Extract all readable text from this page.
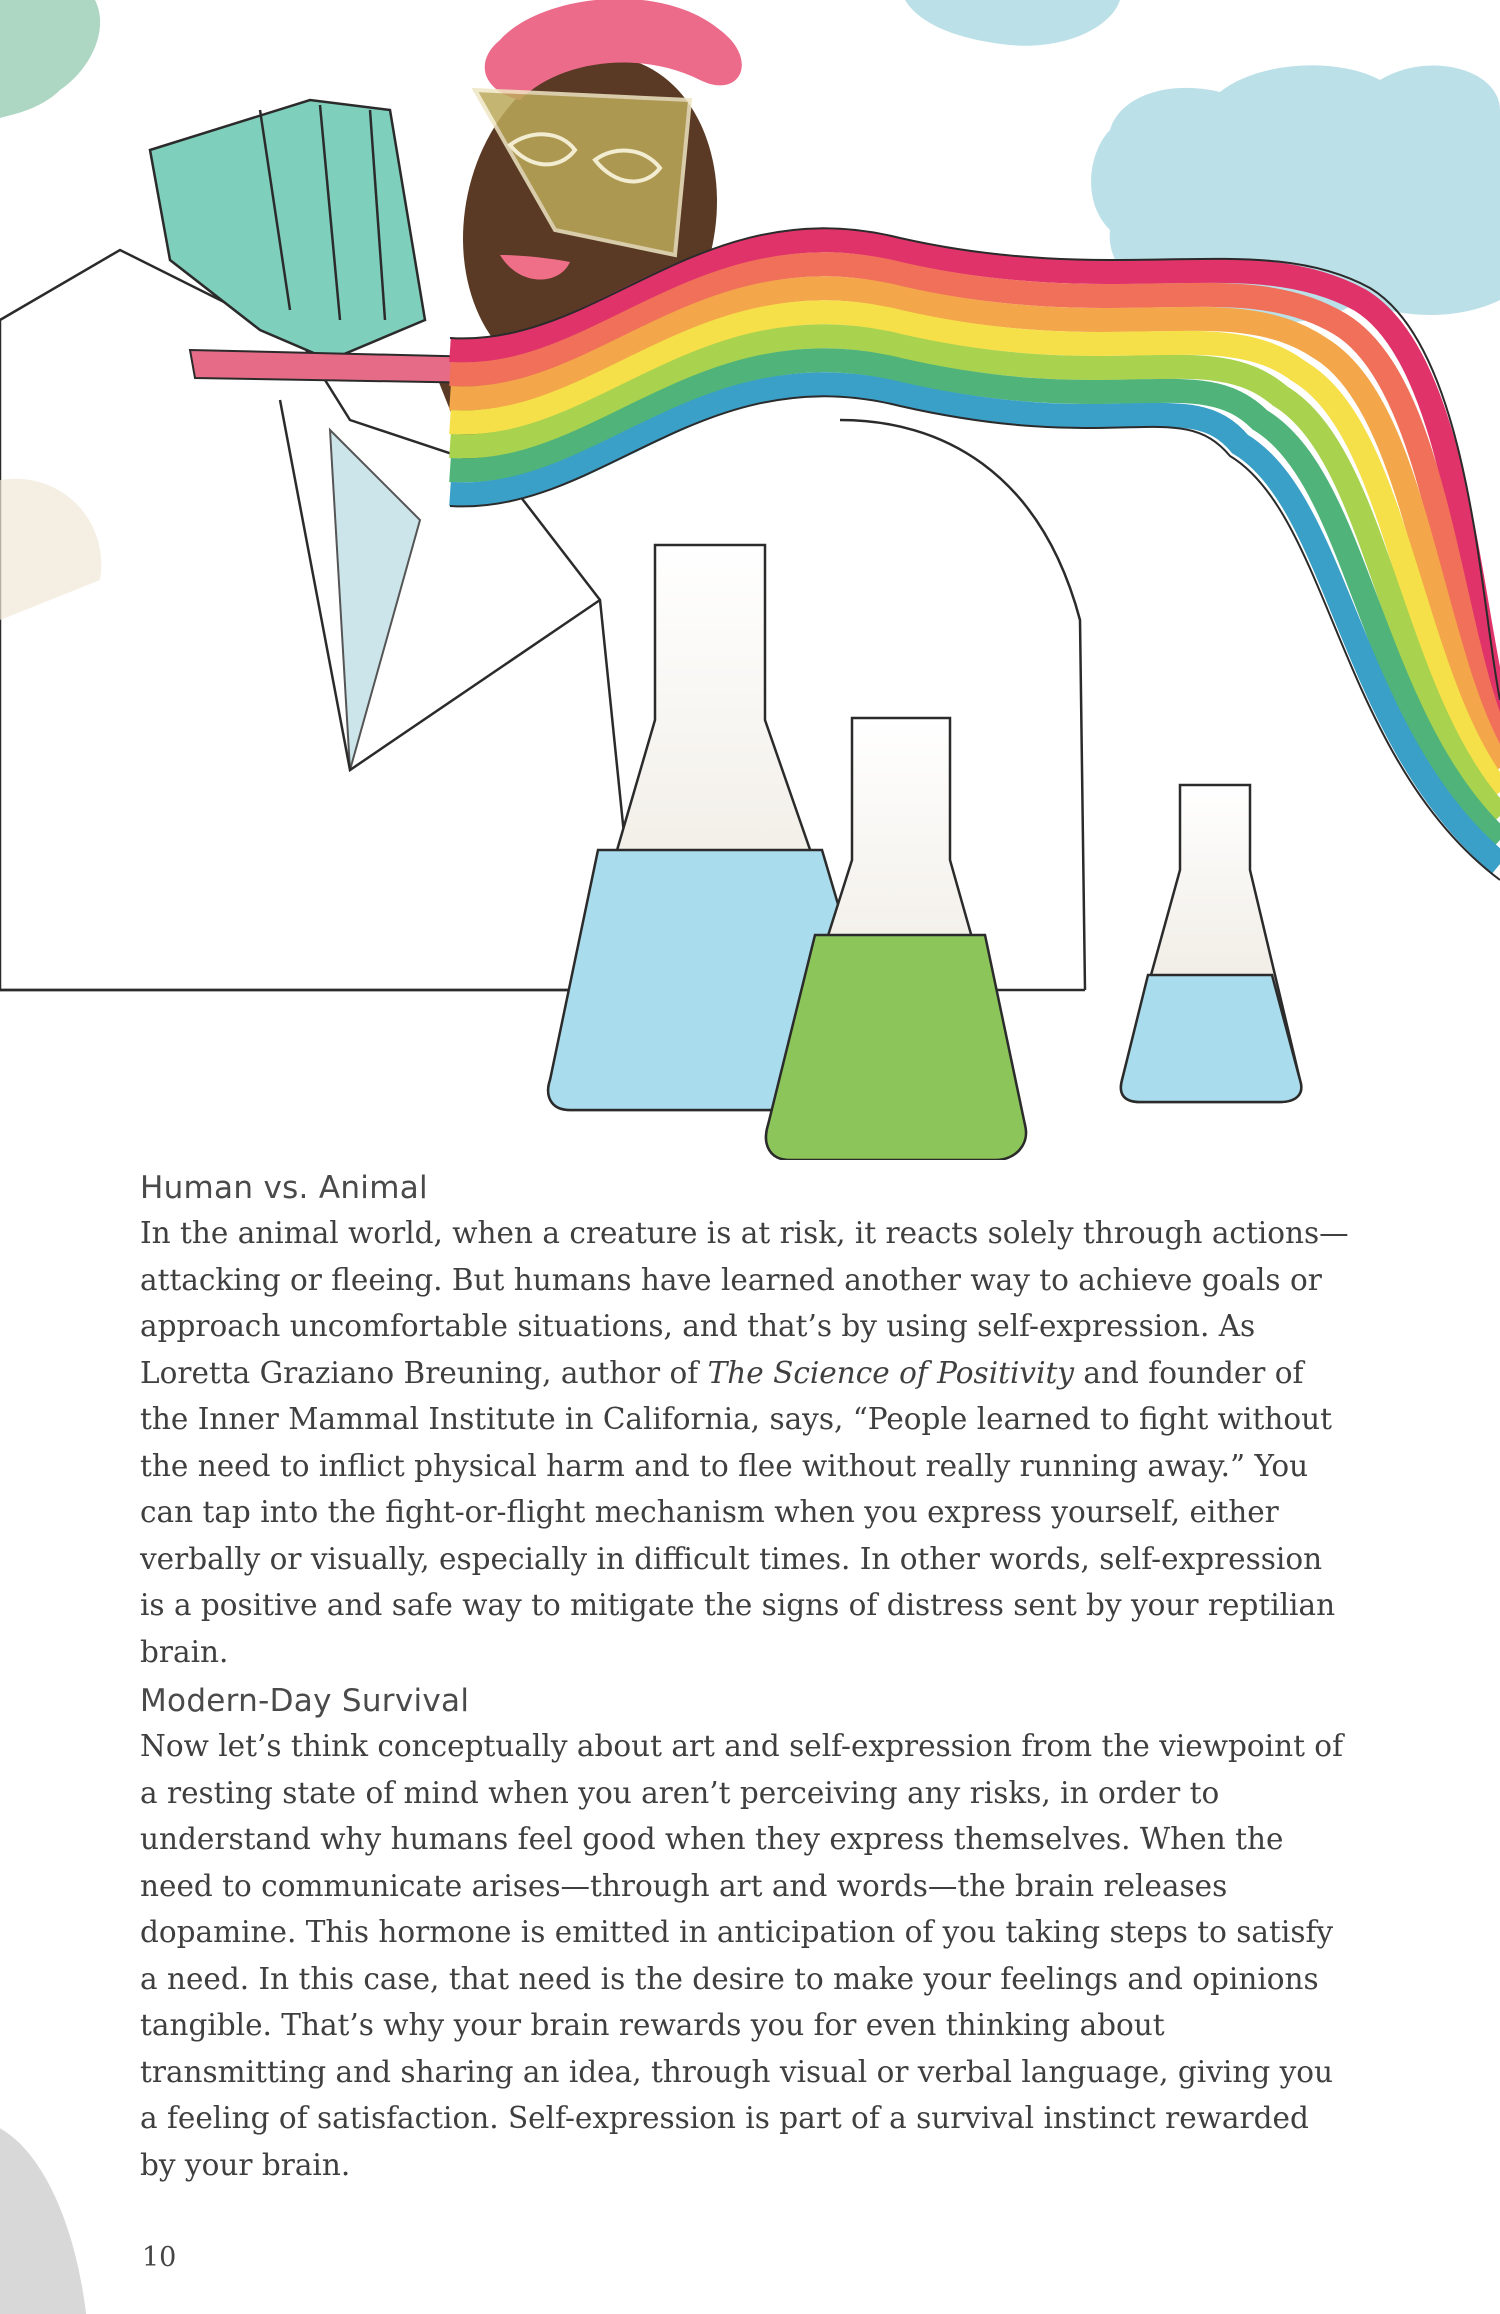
Human vs. Animal

In the animal world, when a creature is at risk, it reacts solely through actions—attacking or fleeing. But humans have learned another way to achieve goals or approach uncomfortable situations, and that’s by using self-expression. As Loretta Graziano Breuning, author of The Science of Positivity and founder of the Inner Mammal Institute in California, says, “People learned to fight without the need to inflict physical harm and to flee without really running away.” You can tap into the fight-or-flight mechanism when you express yourself, either verbally or visually, especially in difficult times. In other words, self-expression is a positive and safe way to mitigate the signs of distress sent by your reptilian brain.

Modern-Day Survival

Now let’s think conceptually about art and self-expression from the viewpoint of a resting state of mind when you aren’t perceiving any risks, in order to understand why humans feel good when they express themselves. When the need to communicate arises—through art and words—the brain releases dopamine. This hormone is emitted in anticipation of you taking steps to satisfy a need. In this case, that need is the desire to make your feelings and opinions tangible. That’s why your brain rewards you for even thinking about transmitting and sharing an idea, through visual or verbal language, giving you a feeling of satisfaction. Self-expression is part of a survival instinct rewarded by your brain.

10
